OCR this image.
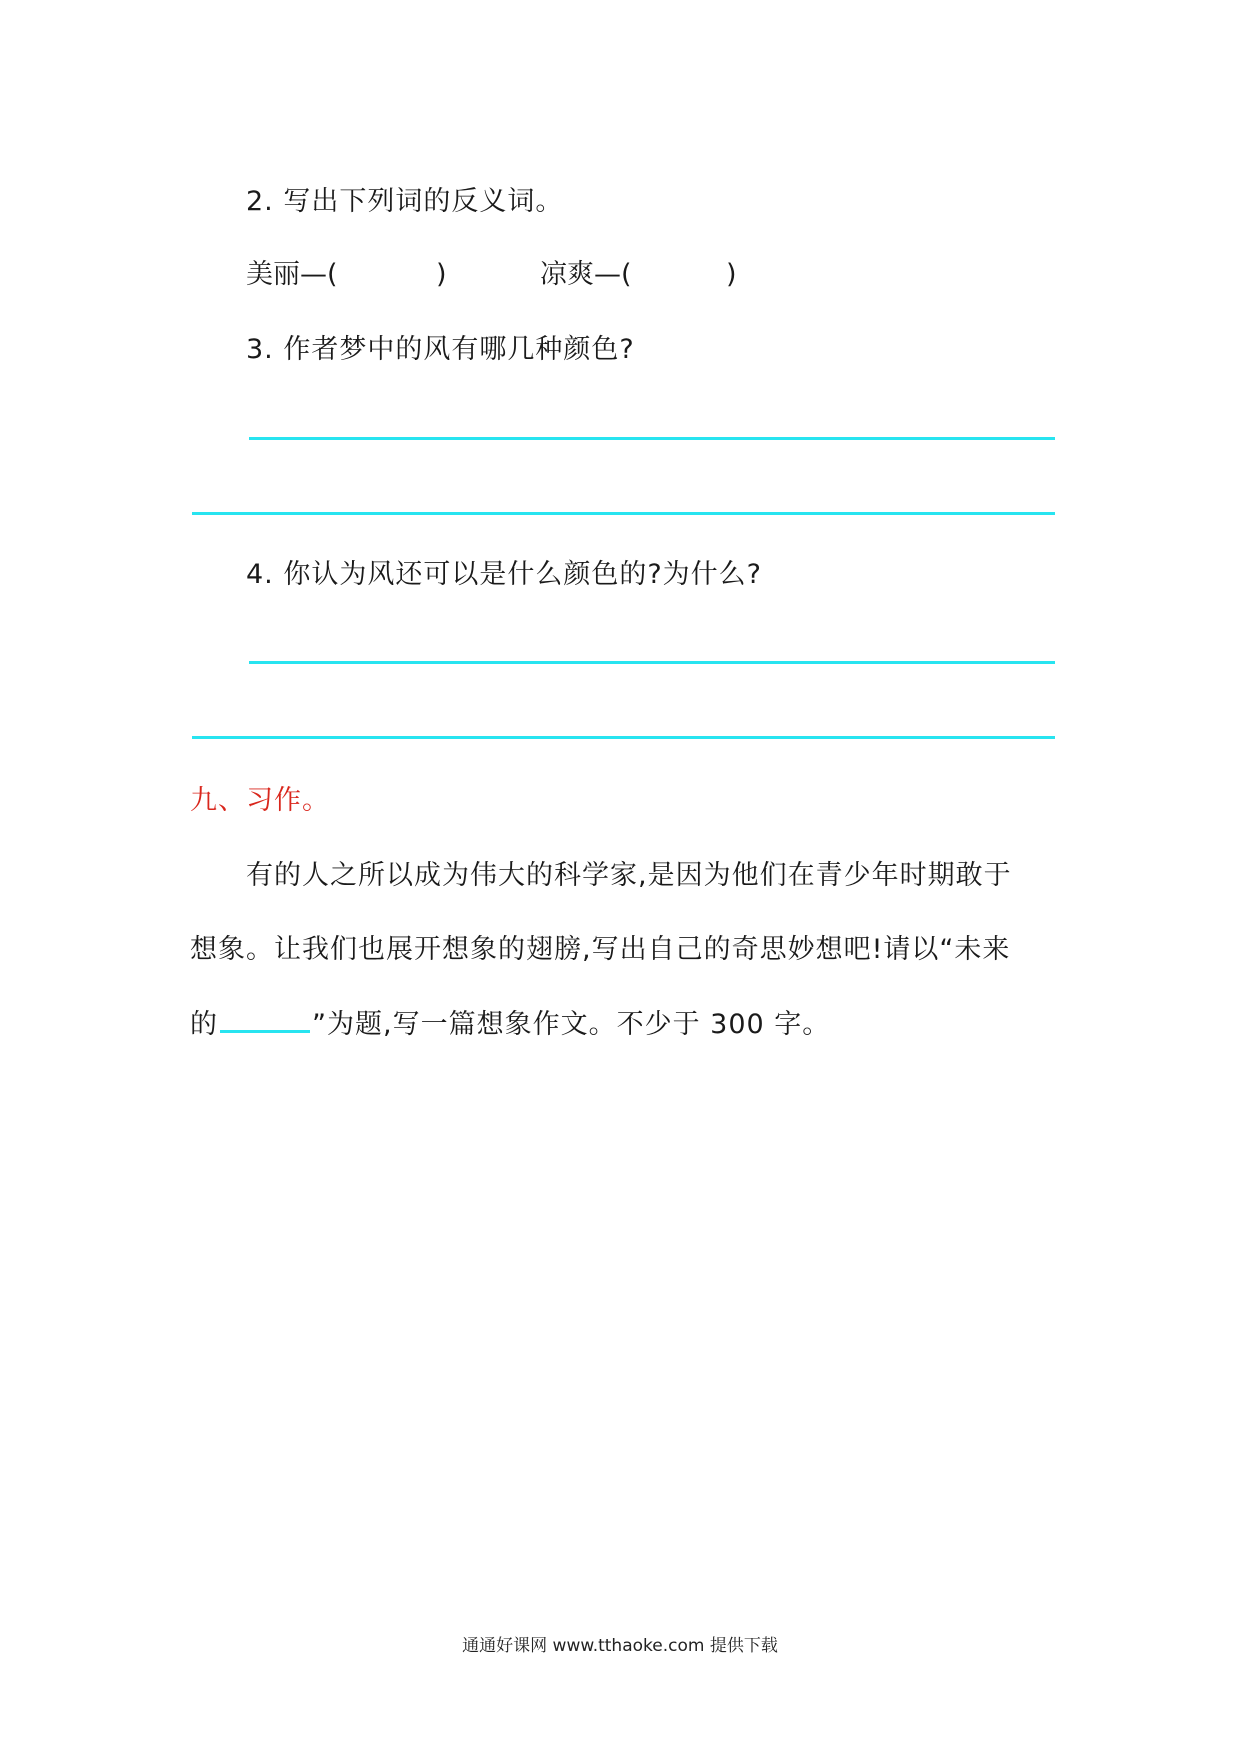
2. 写出下列词的反义词。
美丽—(	)	凉爽—(	)
3. 作者梦中的风有哪几种颜色?
4. 你认为风还可以是什么颜色的?为什么?
九、习作。
有的人之所以成为伟大的科学家,是因为他们在青少年时期敢于
想象。让我们也展开想象的翅膀,写出自己的奇思妙想吧!请以“未来
的	”为题,写一篇想象作文。不少于 300 字。
通通好课网 www.tthaoke.com 提供下载
